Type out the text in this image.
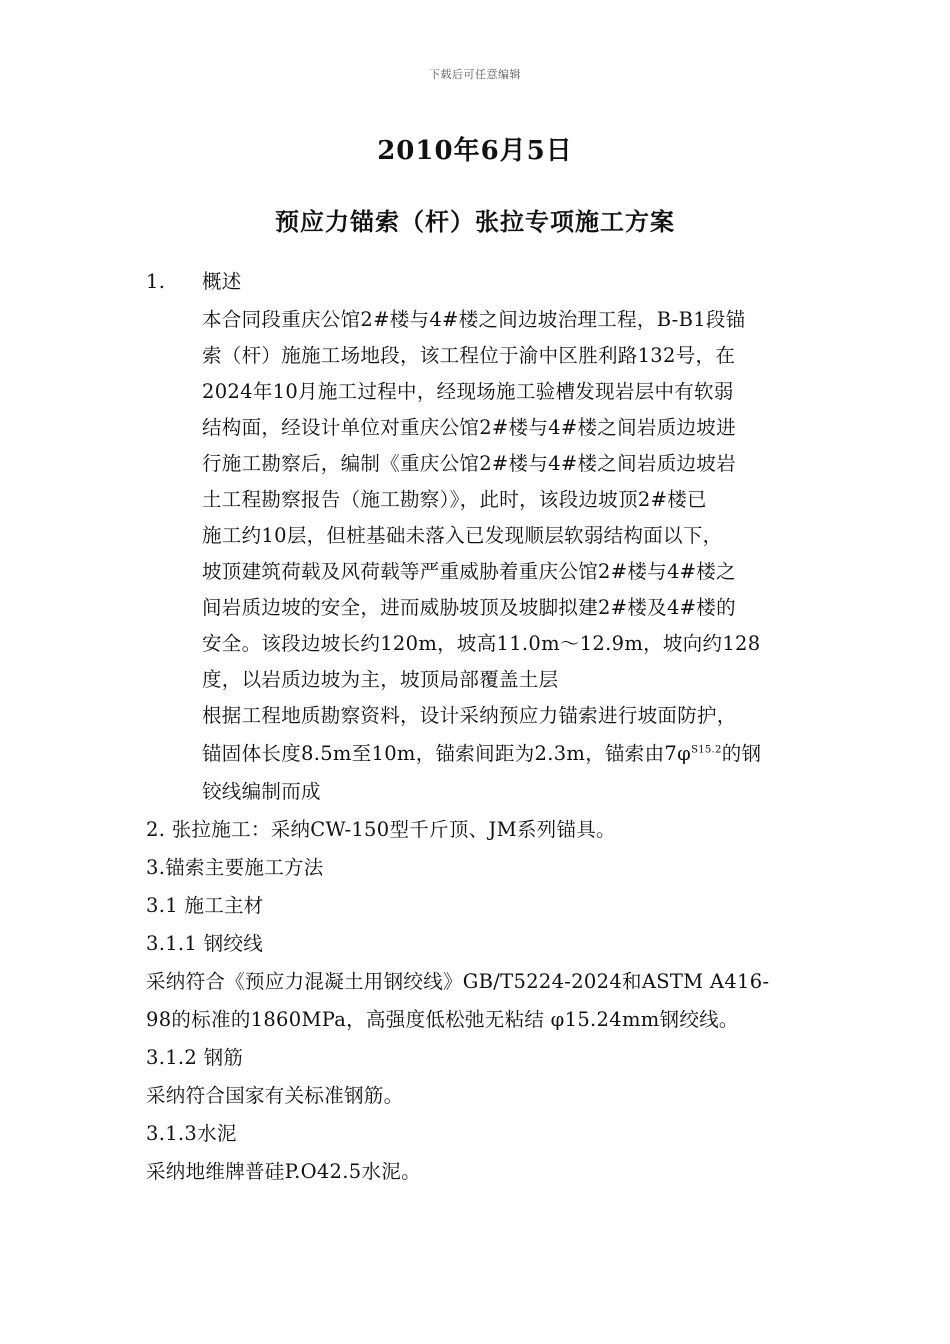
下载后可任意编辑
2010年6月5日
预应力锚索（杆）张拉专项施工方案
1. 概述
本合同段重庆公馆2#楼与4#楼之间边坡治理工程，B-B1段锚
索（杆）施施工场地段，该工程位于渝中区胜利路132号，在
2024年10月施工过程中，经现场施工验槽发现岩层中有软弱
结构面，经设计单位对重庆公馆2#楼与4#楼之间岩质边坡进
行施工勘察后，编制《重庆公馆2#楼与4#楼之间岩质边坡岩
土工程勘察报告（施工勘察）》，此时，该段边坡顶2#楼已
施工约10层，但桩基础未落入已发现顺层软弱结构面以下，
坡顶建筑荷载及风荷载等严重威胁着重庆公馆2#楼与4#楼之
间岩质边坡的安全，进而威胁坡顶及坡脚拟建2#楼及4#楼的
安全。该段边坡长约120m，坡高11.0m～12.9m，坡向约128
度，以岩质边坡为主，坡顶局部覆盖土层
根据工程地质勘察资料，设计采纳预应力锚索进行坡面防护，
锚固体长度8.5m至10m，锚索间距为2.3m，锚索由$7\varphi^{S15.2}$的钢
铰线编制而成
2. 张拉施工：采纳CW-150型千斤顶、JM系列锚具。
3.锚索主要施工方法
3.1 施工主材
3.1.1 钢绞线
采纳符合《预应力混凝土用钢绞线》GB/T5224-2024和ASTM A416-
98的标准的1860MPa，高强度低松弛无粘结 φ15.24mm钢绞线。
3.1.2 钢筋
采纳符合国家有关标准钢筋。
3.1.3水泥
采纳地维牌普硅P.O42.5水泥。
